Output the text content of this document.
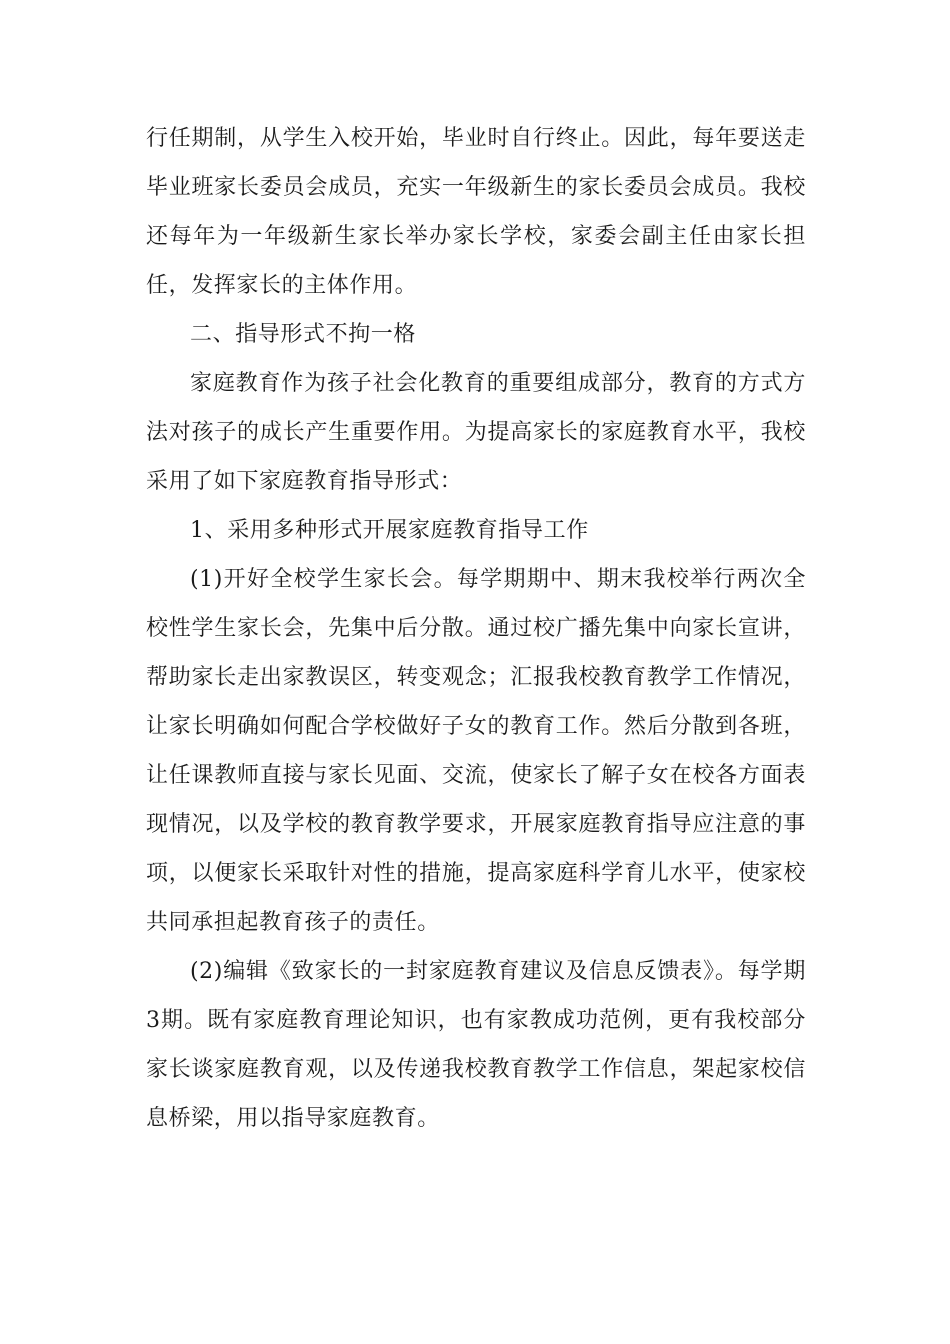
行任期制，从学生入校开始，毕业时自行终止。因此，每年要送走毕业班家长委员会成员，充实一年级新生的家长委员会成员。我校还每年为一年级新生家长举办家长学校，家委会副主任由家长担任，发挥家长的主体作用。

二、指导形式不拘一格

家庭教育作为孩子社会化教育的重要组成部分，教育的方式方法对孩子的成长产生重要作用。为提高家长的家庭教育水平，我校采用了如下家庭教育指导形式：

1、采用多种形式开展家庭教育指导工作

(1)开好全校学生家长会。每学期期中、期末我校举行两次全校性学生家长会，先集中后分散。通过校广播先集中向家长宣讲，帮助家长走出家教误区，转变观念；汇报我校教育教学工作情况，让家长明确如何配合学校做好子女的教育工作。然后分散到各班，让任课教师直接与家长见面、交流，使家长了解子女在校各方面表现情况，以及学校的教育教学要求，开展家庭教育指导应注意的事项，以便家长采取针对性的措施，提高家庭科学育儿水平，使家校共同承担起教育孩子的责任。

(2)编辑《致家长的一封家庭教育建议及信息反馈表》。每学期3期。既有家庭教育理论知识，也有家教成功范例，更有我校部分家长谈家庭教育观，以及传递我校教育教学工作信息，架起家校信息桥梁，用以指导家庭教育。
